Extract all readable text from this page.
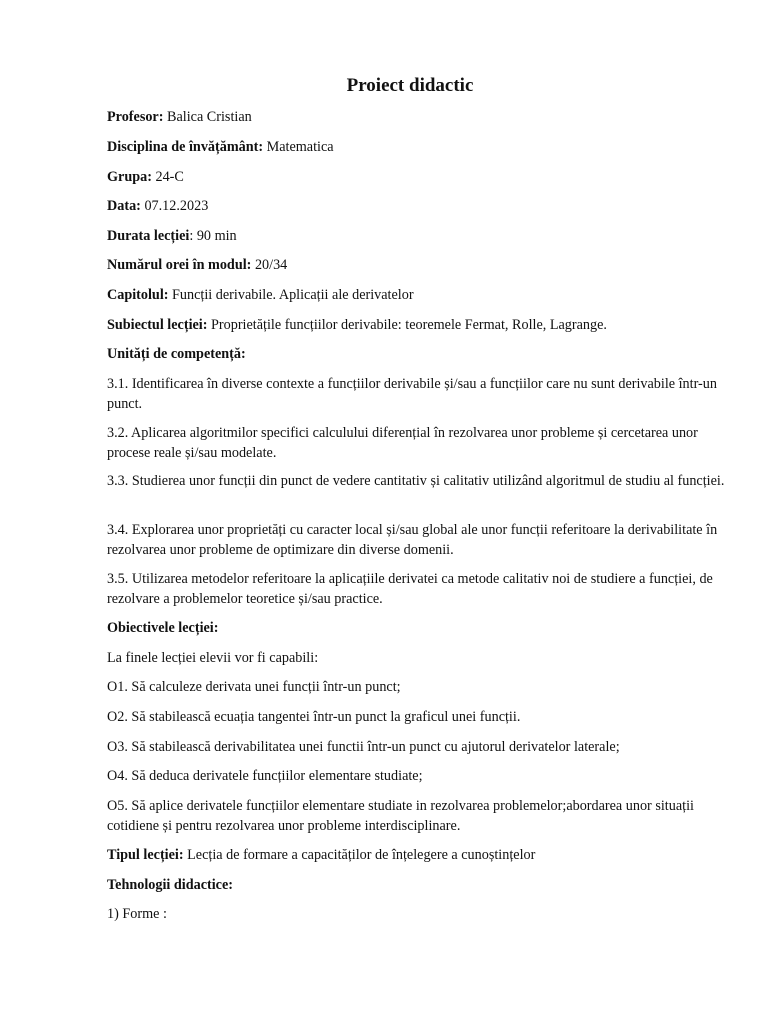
Proiect didactic

Profesor: Balica Cristian

Disciplina de învățământ: Matematica

Grupa: 24-C

Data: 07.12.2023

Durata lecției: 90 min

Numărul orei în modul: 20/34

Capitolul: Funcții derivabile. Aplicații ale derivatelor

Subiectul lecției: Proprietățile funcțiilor derivabile: teoremele Fermat, Rolle, Lagrange.

Unități de competență:

3.1. Identificarea în diverse contexte a funcțiilor derivabile și/sau a funcțiilor care nu sunt derivabile într-un punct.

3.2. Aplicarea algoritmilor specifici calculului diferențial în rezolvarea unor probleme și cercetarea unor procese reale și/sau modelate.

3.3. Studierea unor funcții din punct de vedere cantitativ și calitativ utilizând algoritmul de studiu al funcției.

3.4. Explorarea unor proprietăți cu caracter local și/sau global ale unor funcții referitoare la derivabilitate în rezolvarea unor probleme de optimizare din diverse domenii.

3.5. Utilizarea metodelor referitoare la aplicațiile derivatei ca metode calitativ noi de studiere a funcției, de rezolvare a problemelor teoretice și/sau practice.

Obiectivele lecției:

La finele lecției elevii vor fi capabili:

O1. Să calculeze derivata unei funcții într-un punct;

O2. Să stabilească ecuația tangentei într-un punct la graficul unei funcții.

O3. Să stabilească derivabilitatea unei functii într-un punct cu ajutorul derivatelor laterale;

O4. Să deduca derivatele funcțiilor elementare studiate;

O5. Să aplice derivatele funcțiilor elementare studiate in rezolvarea problemelor;abordarea unor situații cotidiene și pentru rezolvarea unor probleme interdisciplinare.

Tipul lecției: Lecția de formare a capacităților de înțelegere a cunoștințelor

Tehnologii didactice:

1) Forme :
